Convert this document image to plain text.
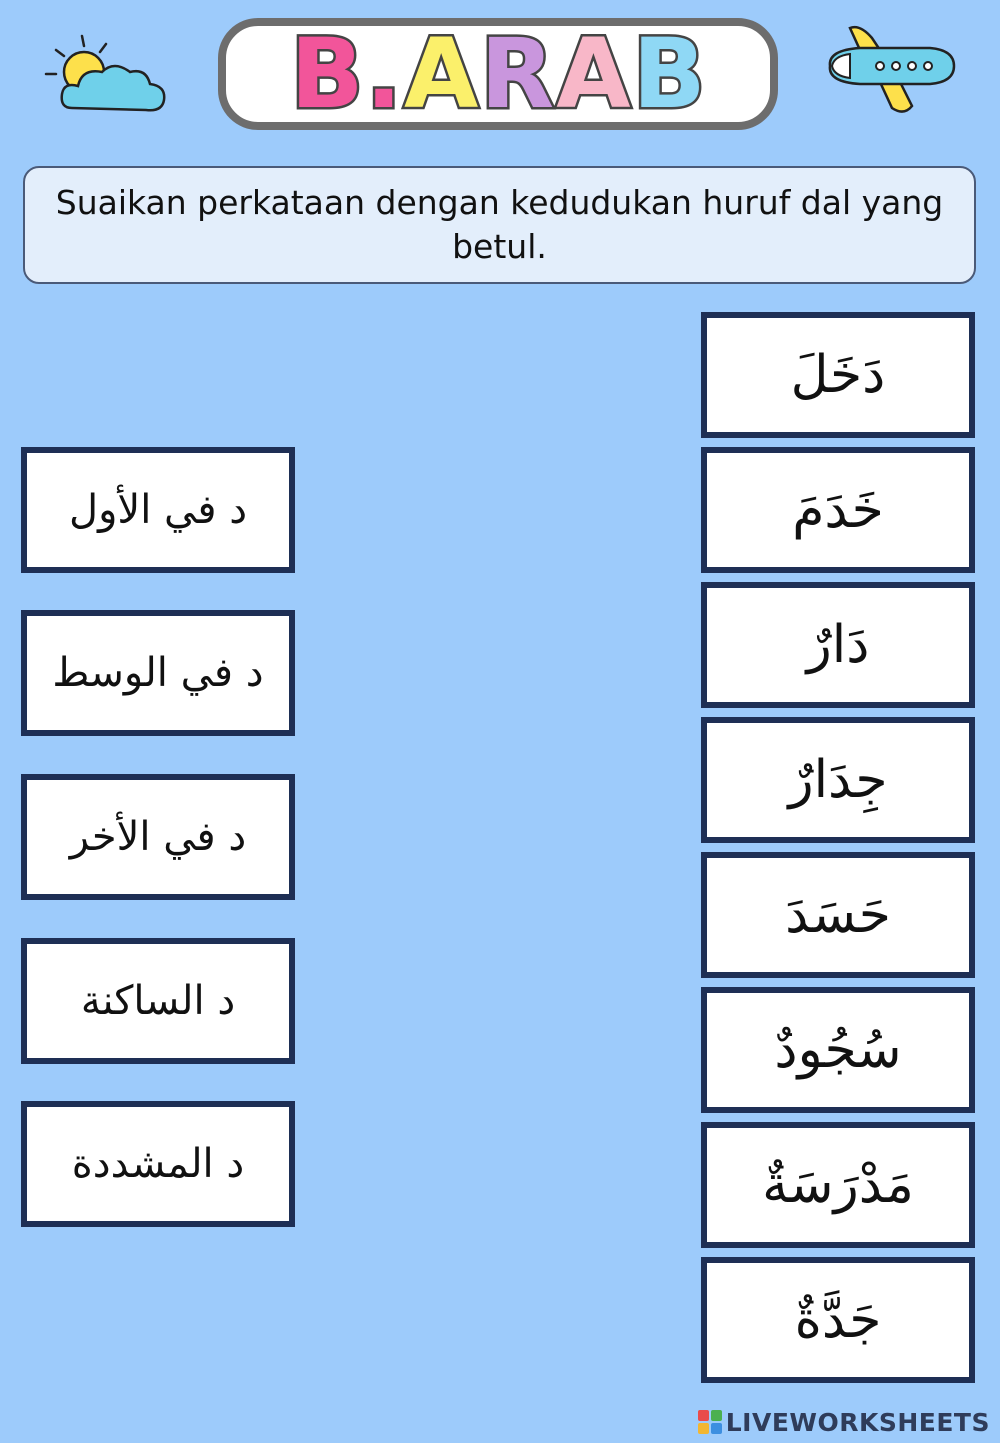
B . A R A B
Suaikan perkataan dengan kedudukan huruf dal yang betul.
د في الأول
د في الوسط
د في الأخر
د الساكنة
د المشددة
دَخَلَ
خَدَمَ
دَارٌ
جِدَارٌ
حَسَدَ
سُجُودٌ
مَدْرَسَةٌ
جَدَّةٌ
LIVEWORKSHEETS
